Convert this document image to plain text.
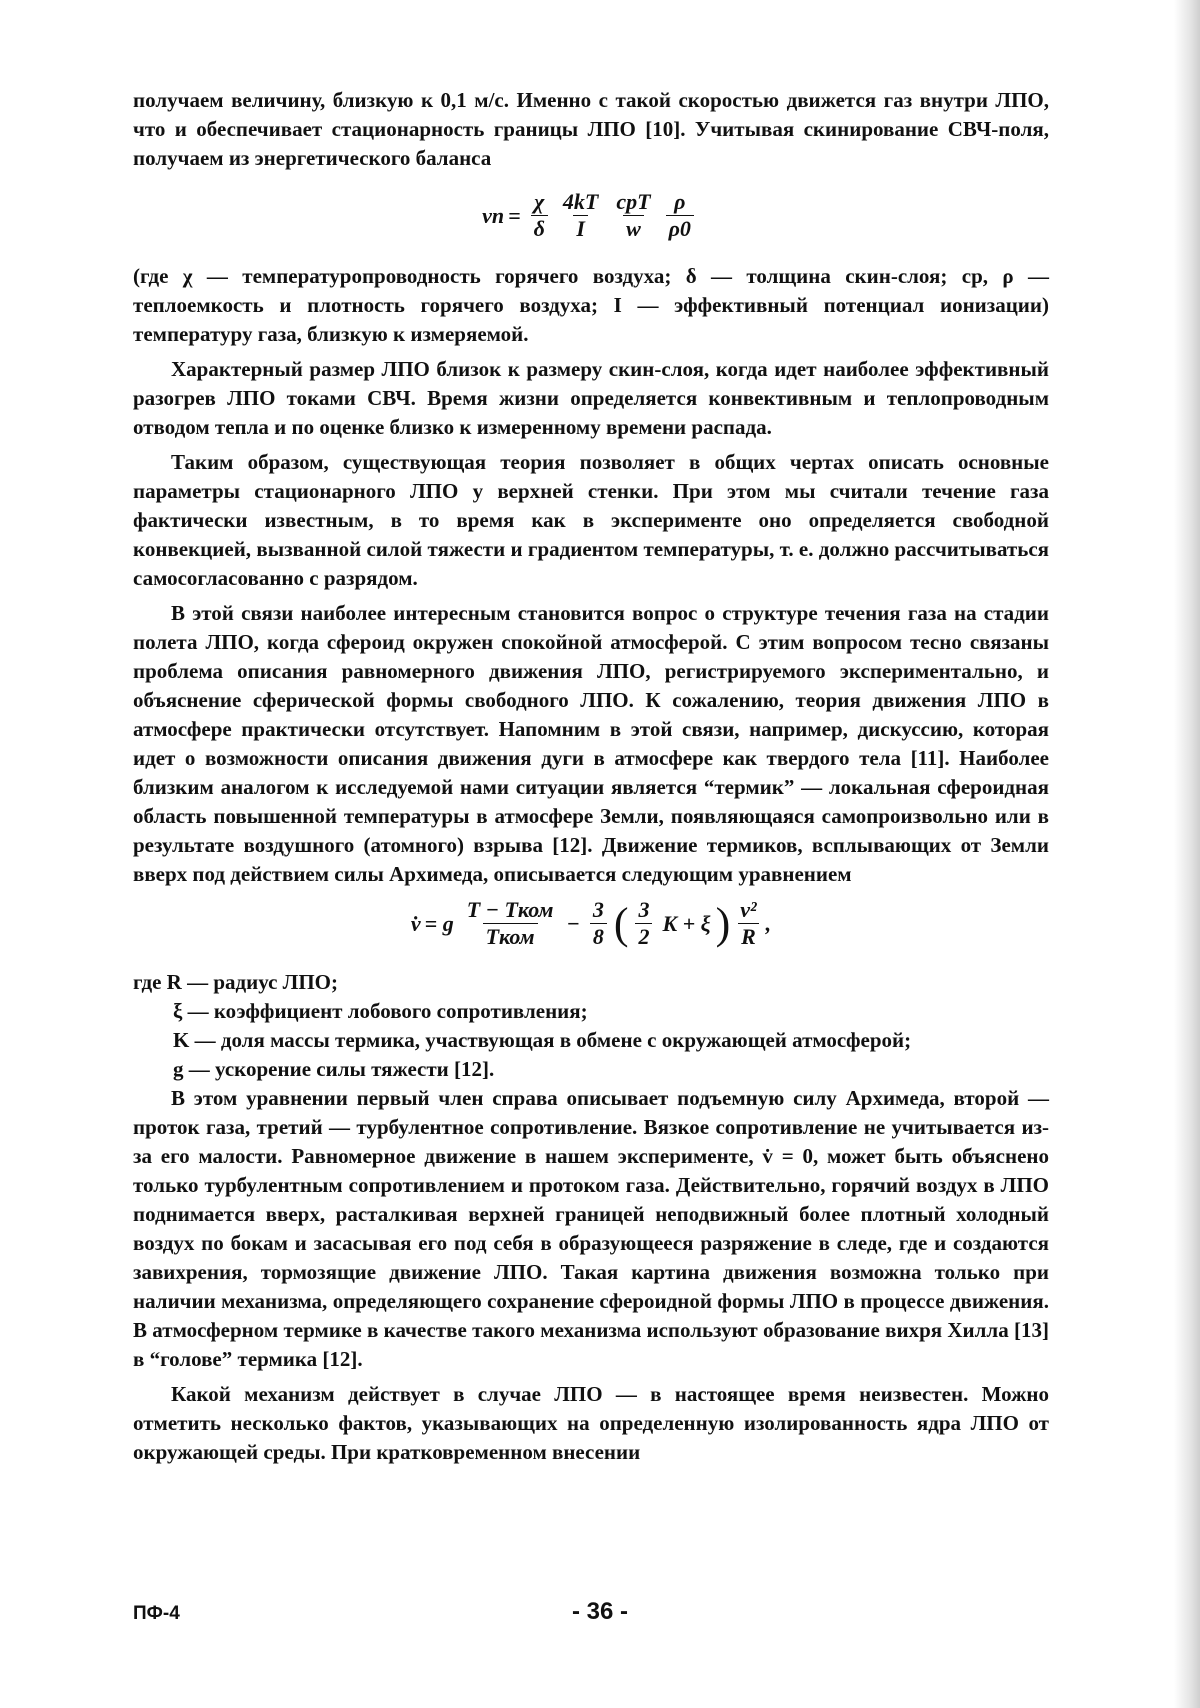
получаем величину, близкую к 0,1 м/с. Именно с такой скоростью движется газ внутри ЛПО, что и обеспечивает стационарность границы ЛПО [10]. Учитывая скинирование СВЧ-поля, получаем из энергетического баланса

vп = $\frac{\chi}{\delta} \frac{4kT}{I} \frac{\text{cpT}}{w} \frac{\rho}{\rho 0}$

(где χ — температуропроводность горячего воздуха; δ — толщина скин-слоя; cp, ρ — теплоемкость и плотность горячего воздуха; I — эффективный потенциал ионизации) температуру газа, близкую к измеряемой.

Характерный размер ЛПО близок к размеру скин-слоя, когда идет наиболее эффективный разогрев ЛПО токами СВЧ. Время жизни определяется конвективным и теплопроводным отводом тепла и по оценке близко к измеренному времени распада.

Таким образом, существующая теория позволяет в общих чертах описать основные параметры стационарного ЛПО у верхней стенки. При этом мы считали течение газа фактически известным, в то время как в эксперименте оно определяется свободной конвекцией, вызванной силой тяжести и градиентом температуры, т. е. должно рассчитываться самосогласованно с разрядом.

В этой связи наиболее интересным становится вопрос о структуре течения газа на стадии полета ЛПО, когда сфероид окружен спокойной атмосферой. С этим вопросом тесно связаны проблема описания равномерного движения ЛПО, регистрируемого экспериментально, и объяснение сферической формы свободного ЛПО. К сожалению, теория движения ЛПО в атмосфере практически отсутствует. Напомним в этой связи, например, дискуссию, которая идет о возможности описания движения дуги в атмосфере как твердого тела [11]. Наиболее близким аналогом к исследуемой нами ситуации является “термик” — локальная сфероидная область повышенной температуры в атмосфере Земли, появляющаяся самопроизвольно или в результате воздушного (атомного) взрыва [12]. Движение термиков, всплывающих от Земли вверх под действием силы Архимеда, описывается следующим уравнением

v̇ = g $\frac{\text{T − Tком}}{\text{Tком}} - \frac{3}{8}$ ( $\frac{3}{2}$ K + ξ ) $\frac{\text{v²}}{R}$ ,
где R — радиус ЛПО;
ξ — коэффициент лобового сопротивления;
K — доля массы термика, участвующая в обмене с окружающей атмосферой;
g — ускорение силы тяжести [12].

В этом уравнении первый член справа описывает подъемную силу Архимеда, второй — проток газа, третий — турбулентное сопротивление. Вязкое сопротивление не учитывается из-за его малости. Равномерное движение в нашем эксперименте, v̇ = 0, может быть объяснено только турбулентным сопротивлением и протоком газа. Действительно, горячий воздух в ЛПО поднимается вверх, расталкивая верхней границей неподвижный более плотный холодный воздух по бокам и засасывая его под себя в образующееся разряжение в следе, где и создаются завихрения, тормозящие движение ЛПО. Такая картина движения возможна только при наличии механизма, определяющего сохранение сфероидной формы ЛПО в процессе движения. В атмосферном термике в качестве такого механизма используют образование вихря Хилла [13] в “голове” термика [12].

Какой механизм действует в случае ЛПО — в настоящее время неизвестен. Можно отметить несколько фактов, указывающих на определенную изолированность ядра ЛПО от окружающей среды. При кратковременном внесении

ПФ-4	- 36 -
